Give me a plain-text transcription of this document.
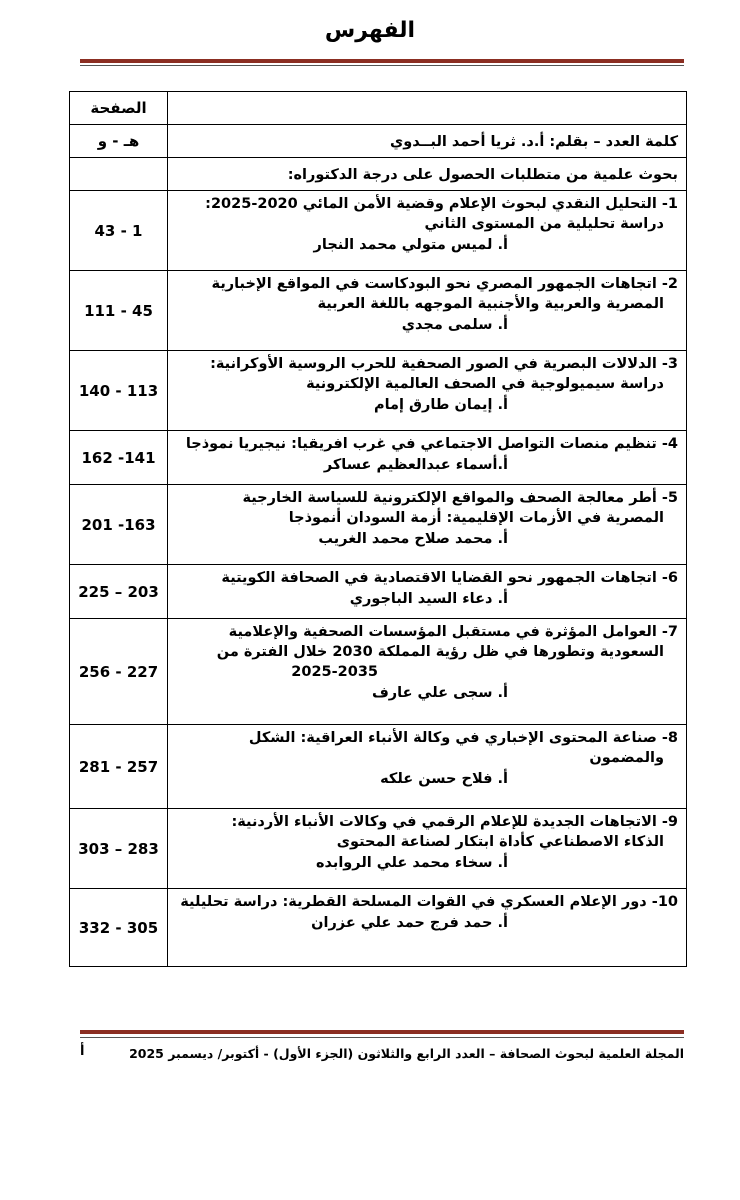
الفهرس
	الصفحة
كلمة العدد – بقلم: أ.د. ثريا أحمد البــدوي	هـ - و
بحوث علمية من متطلبات الحصول على درجة الدكتوراه:	

1- التحليل النقدي لبحوث الإعلام وقضية الأمن المائي 2020-2025:
دراسة تحليلية من المستوى الثاني
أ. لميس متولي محمد النجار	1 - 43

2- اتجاهات الجمهور المصري نحو البودكاست في المواقع الإخبارية
المصرية والعربية والأجنبية الموجهه باللغة العربية
أ. سلمى مجدي	45 - 111

3- الدلالات البصرية في الصور الصحفية للحرب الروسية الأوكرانية:
دراسة سيميولوجية في الصحف العالمية الإلكترونية
أ. إيمان طارق إمام	113 - 140

4- تنظيم منصات التواصل الاجتماعي في غرب افريقيا: نيجيريا نموذجا
أ.أسماء عبدالعظيم عساكر	141- 162

5- أطر معالجة الصحف والمواقع الإلكترونية للسياسة الخارجية
المصرية في الأزمات الإقليمية: أزمة السودان أنموذجا
أ. محمد صلاح محمد الغريب	163- 201

6- اتجاهات الجمهور نحو القضايا الاقتصادية في الصحافة الكويتية
أ. دعاء السيد الباجوري	203 – 225

7- العوامل المؤثرة في مستقبل المؤسسات الصحفية والإعلامية
السعودية وتطورها في ظل رؤية المملكة 2030 خلال الفترة من
2025-2035
أ. سجى علي عارف	227 - 256

8- صناعة المحتوى الإخباري في وكالة الأنباء العراقية: الشكل
والمضمون
أ. فلاح حسن علكه	257 - 281

9- الاتجاهات الجديدة للإعلام الرقمي في وكالات الأنباء الأردنية:
الذكاء الاصطناعي كأداة ابتكار لصناعة المحتوى
أ. سخاء محمد علي الروابده	283 – 303

10- دور الإعلام العسكري في القوات المسلحة القطرية: دراسة تحليلية
أ. حمد فرج حمد علي عزران	305 - 332
المجلة العلمية لبحوث الصحافة – العدد الرابع والثلاثون (الجزء الأول) - أكتوبر/ ديسمبر 2025
أ
